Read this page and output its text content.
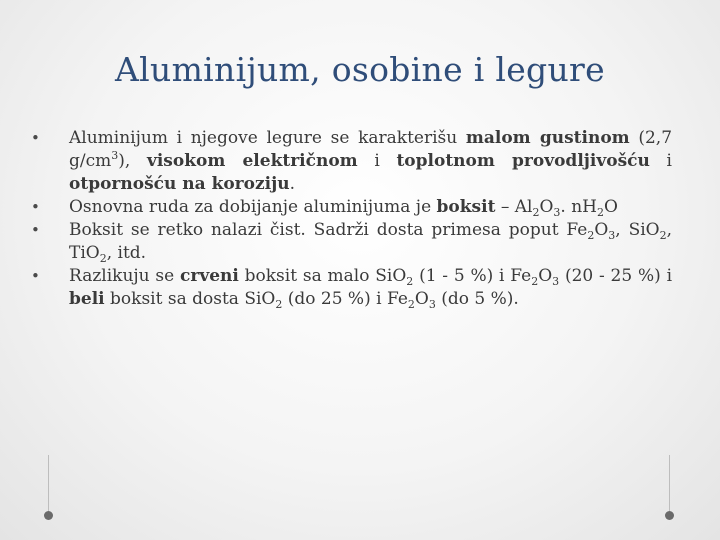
Aluminijum, osobine i legure
• Aluminijum i njegove legure se karakterišu malom gustinom (2,7 $g/cm^3$), visokom električnom i toplotnom provodljivošću i otpornošću na koroziju.
• Osnovna ruda za dobijanje aluminijuma je boksit – $Al_2O_3$. $nH_2O$
• Boksit se retko nalazi čist. Sadrži dosta primesa poput $Fe_2O_3$, SiO$_2$, TiO$_2$, itd.
• Razlikuju se crveni boksit sa malo SiO$_2$ (1 - 5 %) i $Fe_2O_3$ (20 - 25 %) i beli boksit sa dosta SiO$_2$ (do 25 %) i $Fe_2O_3$ (do 5 %).
